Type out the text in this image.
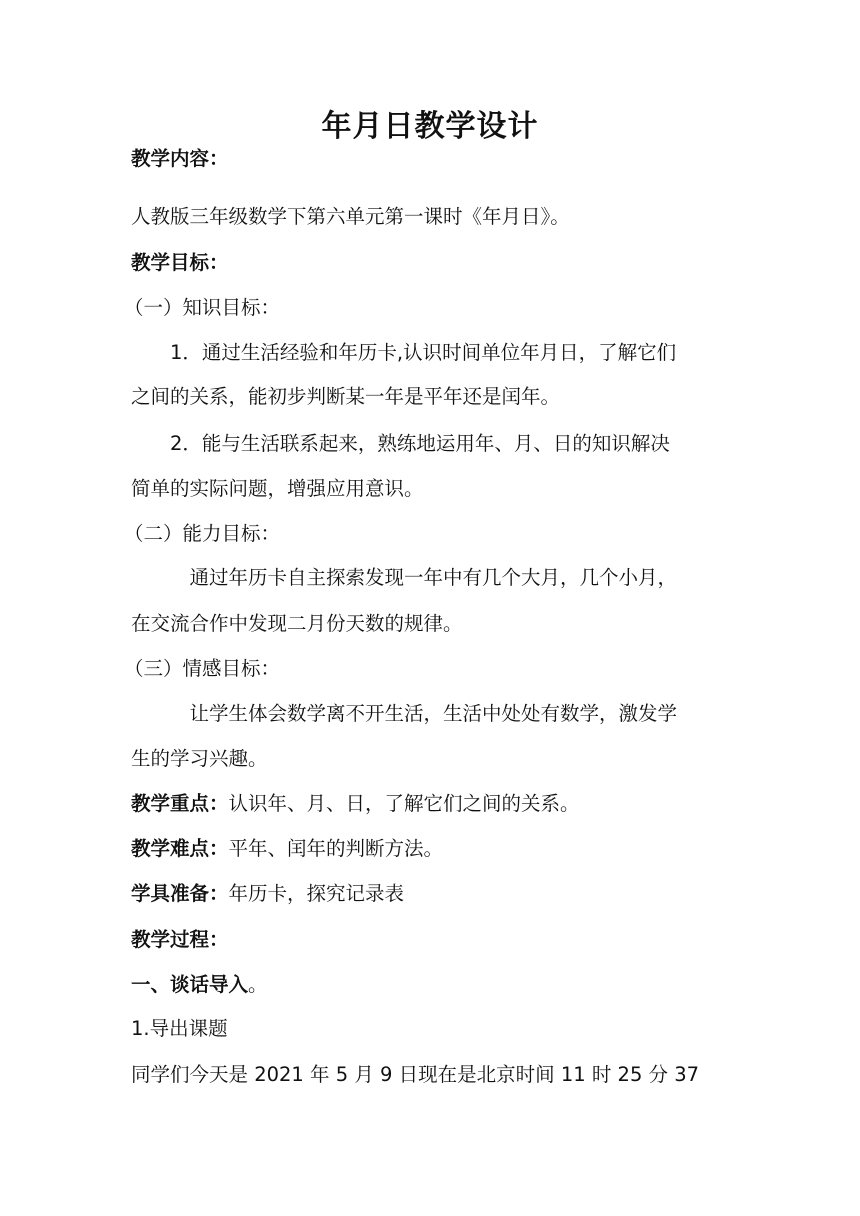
年月日教学设计
教学内容：
人教版三年级数学下第六单元第一课时《年月日》。
教学目标：
（一）知识目标：
　　1．通过生活经验和年历卡,认识时间单位年月日，了解它们
之间的关系，能初步判断某一年是平年还是闰年。
　　2．能与生活联系起来，熟练地运用年、月、日的知识解决
简单的实际问题，增强应用意识。
（二）能力目标：
　　　通过年历卡自主探索发现一年中有几个大月，几个小月，
在交流合作中发现二月份天数的规律。
（三）情感目标：
　　　让学生体会数学离不开生活，生活中处处有数学，激发学
生的学习兴趣。
教学重点：认识年、月、日，了解它们之间的关系。
教学难点：平年、闰年的判断方法。
学具准备：年历卡，探究记录表
教学过程：
一、谈话导入。
1.导出课题
同学们今天是 2021 年 5 月 9 日现在是北京时间 11 时 25 分 37
